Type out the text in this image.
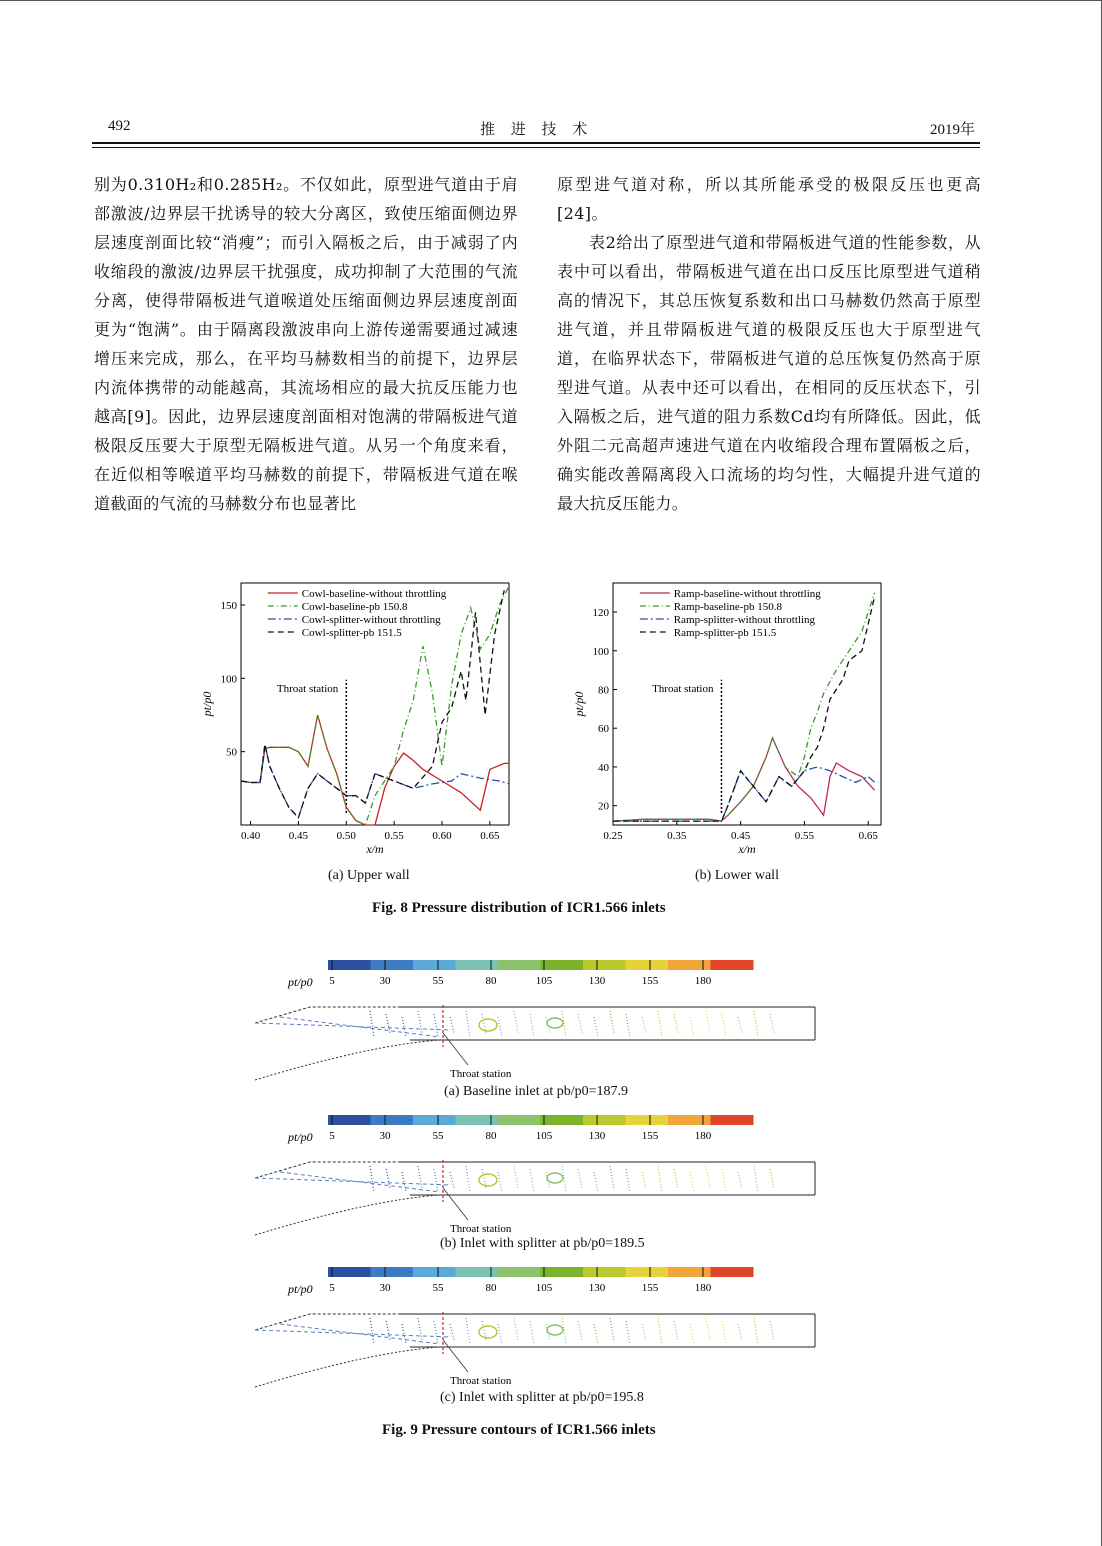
492	推 进 技 术	2019年

别为0.310H₂和0.285H₂。不仅如此，原型进气道由于肩部激波/边界层干扰诱导的较大分离区，致使压缩面侧边界层速度剖面比较“消瘦”；而引入隔板之后，由于减弱了内收缩段的激波/边界层干扰强度，成功抑制了大范围的气流分离，使得带隔板进气道喉道处压缩面侧边界层速度剖面更为“饱满”。由于隔离段激波串向上游传递需要通过减速增压来完成，那么，在平均马赫数相当的前提下，边界层内流体携带的动能越高，其流场相应的最大抗反压能力也越高[9]。因此，边界层速度剖面相对饱满的带隔板进气道极限反压要大于原型无隔板进气道。从另一个角度来看，在近似相等喉道平均马赫数的前提下，带隔板进气道在喉道截面的气流的马赫数分布也显著比

原型进气道对称，所以其所能承受的极限反压也更高[24]。

表2给出了原型进气道和带隔板进气道的性能参数，从表中可以看出，带隔板进气道在出口反压比原型进气道稍高的情况下，其总压恢复系数和出口马赫数仍然高于原型进气道，并且带隔板进气道的极限反压也大于原型进气道，在临界状态下，带隔板进气道的总压恢复仍然高于原型进气道。从表中还可以看出，在相同的反压状态下，引入隔板之后，进气道的阻力系数Cd均有所降低。因此，低外阻二元高超声速进气道在内收缩段合理布置隔板之后，确实能改善隔离段入口流场的均匀性，大幅提升进气道的最大抗反压能力。

0.40	0.45	0.50	0.55	0.60	0.65
50
100
150
x/m
pt/p0
Throat station
Cowl-baseline-without throttling
Cowl-baseline-pb 150.8
Cowl-splitter-without throttling
Cowl-splitter-pb 151.5
0.25	0.35	0.45	0.55	0.65
20
40
60
80
100
120
x/m
pt/p0
Throat station
Ramp-baseline-without throttling
Ramp-baseline-pb 150.8
Ramp-splitter-without throttling
Ramp-splitter-pb 151.5
(a) Upper wall	(b) Lower wall
Fig. 8 Pressure distribution of ICR1.566 inlets
5	30	55	80	105	130	155	180
pt/p0
Throat station
5	30	55	80	105	130	155	180
pt/p0
Throat station
5	30	55	80	105	130	155	180
pt/p0
Throat station
(a) Baseline inlet at pb/p0=187.9
(b) Inlet with splitter at pb/p0=189.5
(c) Inlet with splitter at pb/p0=195.8
Fig. 9 Pressure contours of ICR1.566 inlets
